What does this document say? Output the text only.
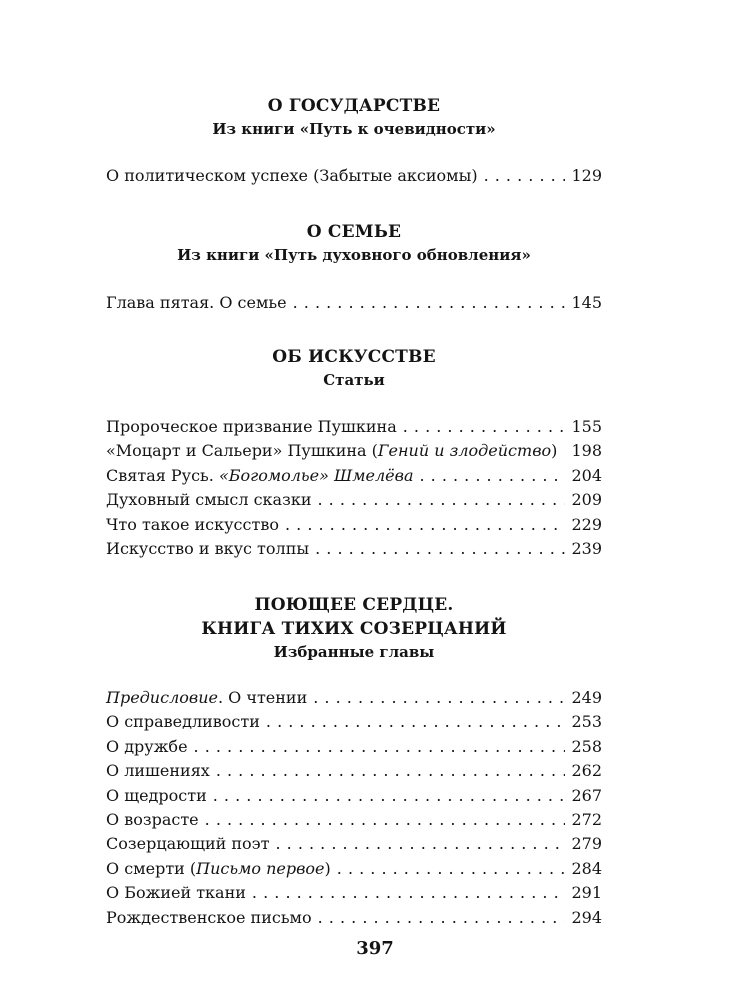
О ГОСУДАРСТВЕ
Из книги «Путь к очевидности»
О политическом успехе (Забытые аксиомы) . . .	129
О СЕМЬЕ
Из книги «Путь духовного обновления»
Глава пятая. О семье . . .	145
ОБ ИСКУССТВЕ
Статьи
Пророческое призвание Пушкина . . .	155
«Моцарт и Сальери» Пушкина (Гений и злодейство) 198
Святая Русь. «Богомолье» Шмелёва . . .	204
Духовный смысл сказки . . .	209
Что такое искусство . . .	229
Искусство и вкус толпы . . .	239
ПОЮЩЕЕ СЕРДЦЕ.
КНИГА ТИХИХ СОЗЕРЦАНИЙ
Избранные главы
Предисловие. О чтении . . .	249
О справедливости . . .	253
О дружбе . . .	258
О лишениях . . .	262
О щедрости . . .	267
О возрасте . . .	272
Созерцающий поэт . . .	279
О смерти (Письмо первое) . . .	284
О Божией ткани . . .	291
Рождественское письмо . . .	294
397
